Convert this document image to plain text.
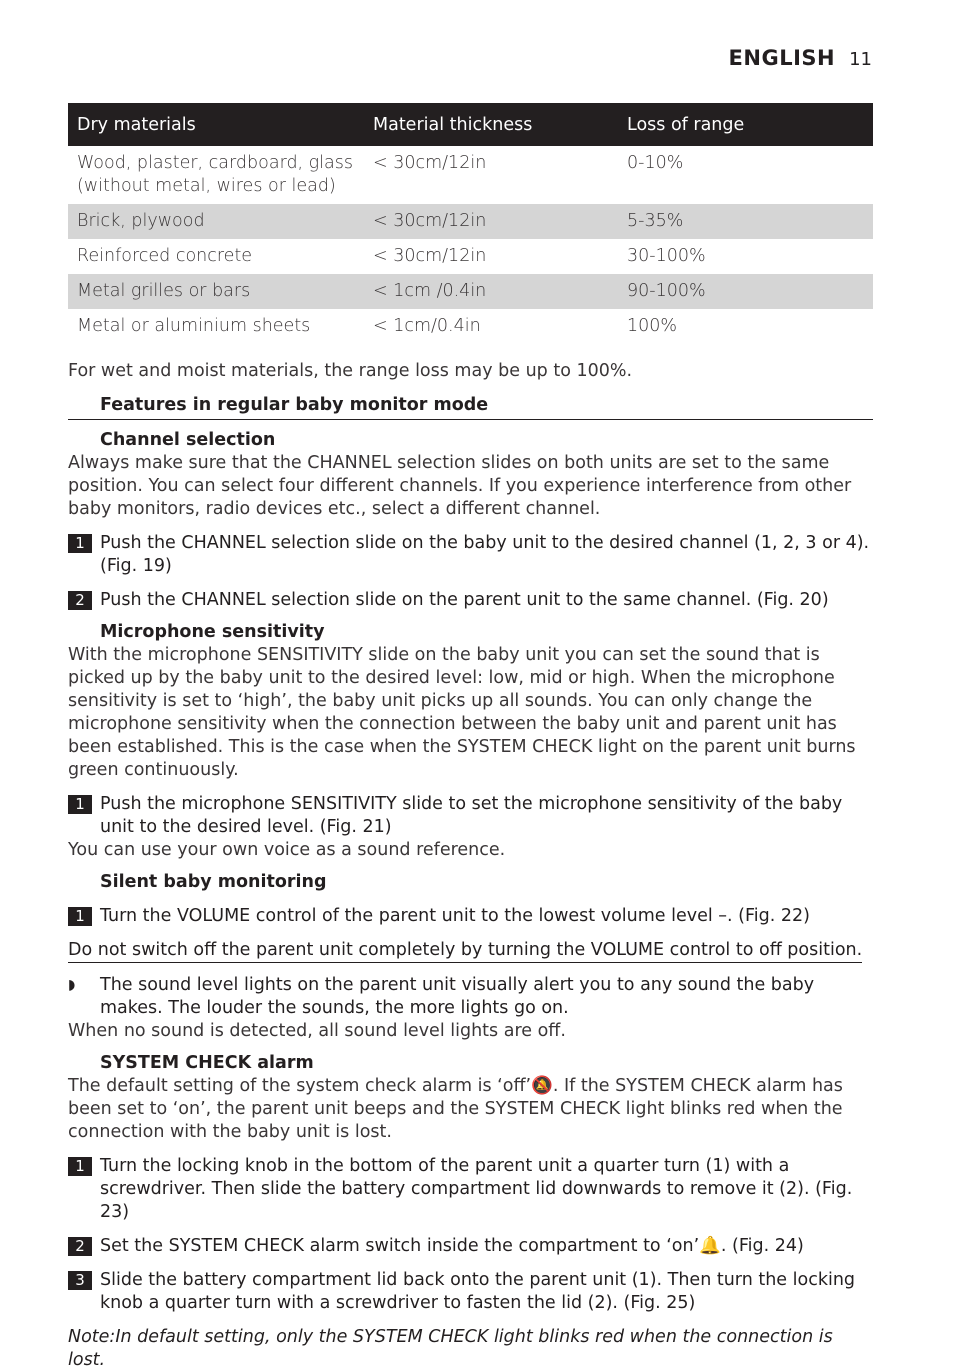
ENGLISH 11
Dry materials	Material thickness	Loss of range
Wood, plaster, cardboard, glass (without metal, wires or lead)	< 30cm/12in	0-10%
Brick, plywood	< 30cm/12in	5-35%
Reinforced concrete	< 30cm/12in	30-100%
Metal grilles or bars	< 1cm /0.4in	90-100%
Metal or aluminium sheets	< 1cm/0.4in	100%

For wet and moist materials, the range loss may be up to 100%.

Features in regular baby monitor mode
Channel selection

Always make sure that the CHANNEL selection slides on both units are set to the same position. You can select four different channels. If you experience interference from other baby monitors, radio devices etc., select a different channel.

1 Push the CHANNEL selection slide on the baby unit to the desired channel (1, 2, 3 or 4). (Fig. 19)
2 Push the CHANNEL selection slide on the parent unit to the same channel. (Fig. 20)
Microphone sensitivity

With the microphone SENSITIVITY slide on the baby unit you can set the sound that is picked up by the baby unit to the desired level: low, mid or high. When the microphone sensitivity is set to ‘high’, the baby unit picks up all sounds. You can only change the microphone sensitivity when the connection between the baby unit and parent unit has been established. This is the case when the SYSTEM CHECK light on the parent unit burns green continuously.

1 Push the microphone SENSITIVITY slide to set the microphone sensitivity of the baby unit to the desired level. (Fig. 21)

You can use your own voice as a sound reference.

Silent baby monitoring
1 Turn the VOLUME control of the parent unit to the lowest volume level –. (Fig. 22)
Do not switch off the parent unit completely by turning the VOLUME control to off position.
◗	The sound level lights on the parent unit visually alert you to any sound the baby makes. The louder the sounds, the more lights go on.

When no sound is detected, all sound level lights are off.

SYSTEM CHECK alarm

The default setting of the system check alarm is ‘off’🔕. If the SYSTEM CHECK alarm has been set to ‘on’, the parent unit beeps and the SYSTEM CHECK light blinks red when the connection with the baby unit is lost.

1 Turn the locking knob in the bottom of the parent unit a quarter turn (1) with a screwdriver. Then slide the battery compartment lid downwards to remove it (2). (Fig. 23)
2 Set the SYSTEM CHECK alarm switch inside the compartment to ‘on’🔔. (Fig. 24)
3 Slide the battery compartment lid back onto the parent unit (1). Then turn the locking knob a quarter turn with a screwdriver to fasten the lid (2). (Fig. 25)

Note:In default setting, only the SYSTEM CHECK light blinks red when the connection is lost.
